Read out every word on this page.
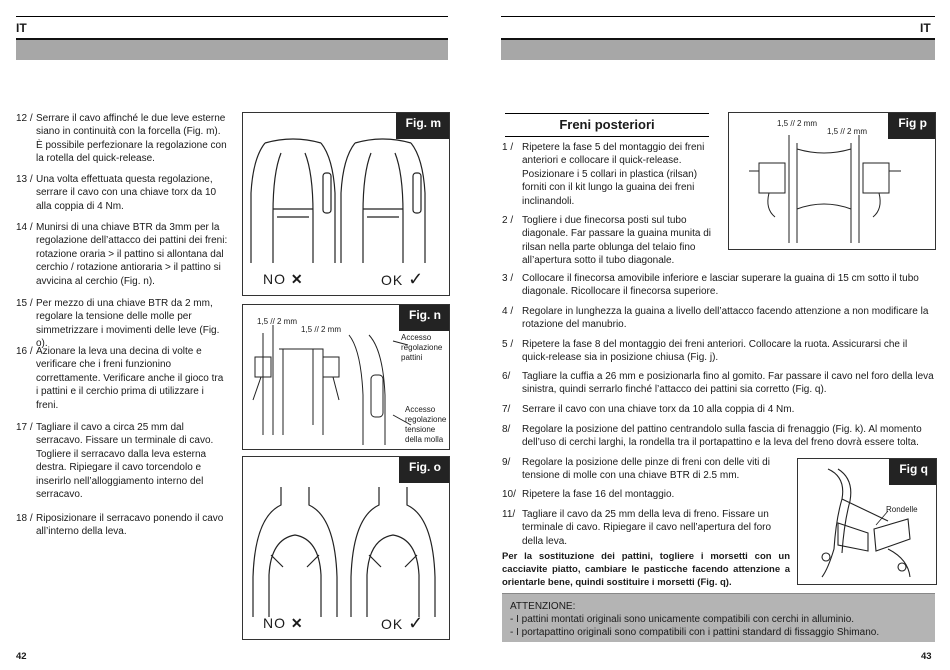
IT	IT
12 / Serrare il cavo affinché le due leve esterne siano in continuità con la forcella (Fig. m). È possibile perfezionare la regolazione con la rotella del quick-release.
13 / Una volta effettuata questa regolazione, serrare il cavo con una chiave torx da 10 alla coppia di 4 Nm.
14 / Munirsi di una chiave BTR da 3mm per la regolazione dell’attacco dei pattini dei freni: rotazione oraria > il pattino si allontana dal cerchio / rotazione antioraria > il pattino si avvicina al cerchio (Fig. n).
15 / Per mezzo di una chiave BTR da 2 mm, regolare la tensione delle molle per simmetrizzare i movimenti delle leve (Fig. o).
16 / Azionare la leva una decina di volte e verificare che i freni funzionino correttamente. Verificare anche il gioco tra i pattini e il cerchio prima di utilizzare i freni.
17 / Tagliare il cavo a circa 25 mm dal serracavo. Fissare un terminale di cavo. Togliere il serracavo dalla leva esterna destra. Ripiegare il cavo torcendolo e inserirlo nell’alloggiamento interno del serracavo.
18 / Riposizionare il serracavo ponendo il cavo all’interno della leva.
42
Fig. m
NO ✕	OK ✓
Fig. n
1,5 // 2 mm
1,5 // 2 mm
Accesso regolazione pattini
Accesso regolazione tensione della molla
Fig. o
NO ✕	OK ✓
Freni posteriori
1 / Ripetere la fase 5 del montaggio dei freni anteriori e collocare il quick-release. Posizionare i 5 collari in plastica (rilsan) forniti con il kit lungo la guaina dei freni inclinandoli.
2 / Togliere i due finecorsa posti sul tubo diagonale. Far passare la guaina munita di rilsan nella parte oblunga del telaio fino all’apertura sotto il tubo diagonale.
3 / Collocare il finecorsa amovibile inferiore e lasciar superare la guaina di 15 cm sotto il tubo diagonale. Ricollocare il finecorsa superiore.
4 / Regolare in lunghezza la guaina a livello dell’attacco facendo attenzione a non modificare la rotazione del manubrio.
5 / Ripetere la fase 8 del montaggio dei freni anteriori. Collocare la ruota. Assicurarsi che il quick-release sia in posizione chiusa (Fig. j).
6/	Tagliare la cuffia a 26 mm e posizionarla fino al gomito. Far passare il cavo nel foro della leva sinistra, quindi serrarlo finché l’attacco dei pattini sia corretto (Fig. q).
7/	Serrare il cavo con una chiave torx da 10 alla coppia di 4 Nm.
8/	Regolare la posizione del pattino centrandolo sulla fascia di frenaggio (Fig. k). Al momento dell’uso di cerchi larghi, la rondella tra il portapattino e la leva del freno dovrà essere tolta.
9/	Regolare la posizione delle pinze di freni con delle viti di tensione di molle con una chiave BTR di 2.5 mm.
10/ Ripetere la fase 16 del montaggio.
11/ Tagliare il cavo da 25 mm della leva di freno. Fissare un terminale di cavo. Ripiegare il cavo nell’apertura del foro della leva.
Per la sostituzione dei pattini, togliere i morsetti con un cacciavite piatto, cambiare le pasticche facendo attenzione a orientarle bene, quindi sostituire i morsetti (Fig. q).
ATTENZIONE:
- I pattini montati originali sono unicamente compatibili con cerchi in alluminio.
- I portapattino originali sono compatibili con i pattini standard di fissaggio Shimano.
43
Fig p
1,5 // 2 mm
1,5 // 2 mm
Fig q
Rondelle
